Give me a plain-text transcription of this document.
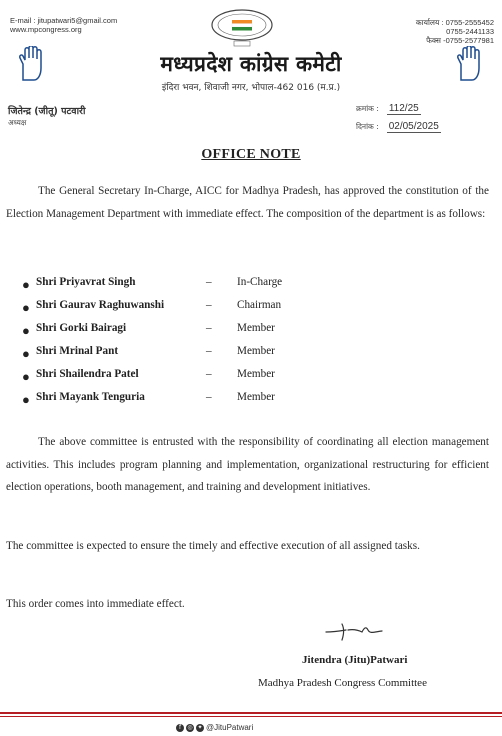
E-mail : jitupatwari5@gmail.com
www.mpcongress.org
कार्यालय : 0755-2555452
0755-2441133
फैक्स -0755-2577981
मध्यप्रदेश कांग्रेस कमेटी
इंदिरा भवन, शिवाजी नगर, भोपाल-462 016 (म.प्र.)
जितेन्द्र (जीतू) पटवारी
अध्यक्ष
क्रमांक : 112/25
दिनांक : 02/05/2025
OFFICE NOTE
The General Secretary In-Charge, AICC for Madhya Pradesh, has approved the constitution of the Election Management Department with immediate effect. The composition of the department is as follows:
● Shri Priyavrat Singh	– In-Charge
● Shri Gaurav Raghuwanshi	– Chairman
● Shri Gorki Bairagi	– Member
● Shri Mrinal Pant	– Member
● Shri Shailendra Patel	– Member
● Shri Mayank Tenguria	– Member
The above committee is entrusted with the responsibility of coordinating all election management activities. This includes program planning and implementation, organizational restructuring for efficient election operations, booth management, and training and development initiatives.
The committee is expected to ensure the timely and effective execution of all assigned tasks.
This order comes into immediate effect.
Jitendra (Jitu)Patwari
Madhya Pradesh Congress Committee
f	◎ ✦ @JituPatwari
